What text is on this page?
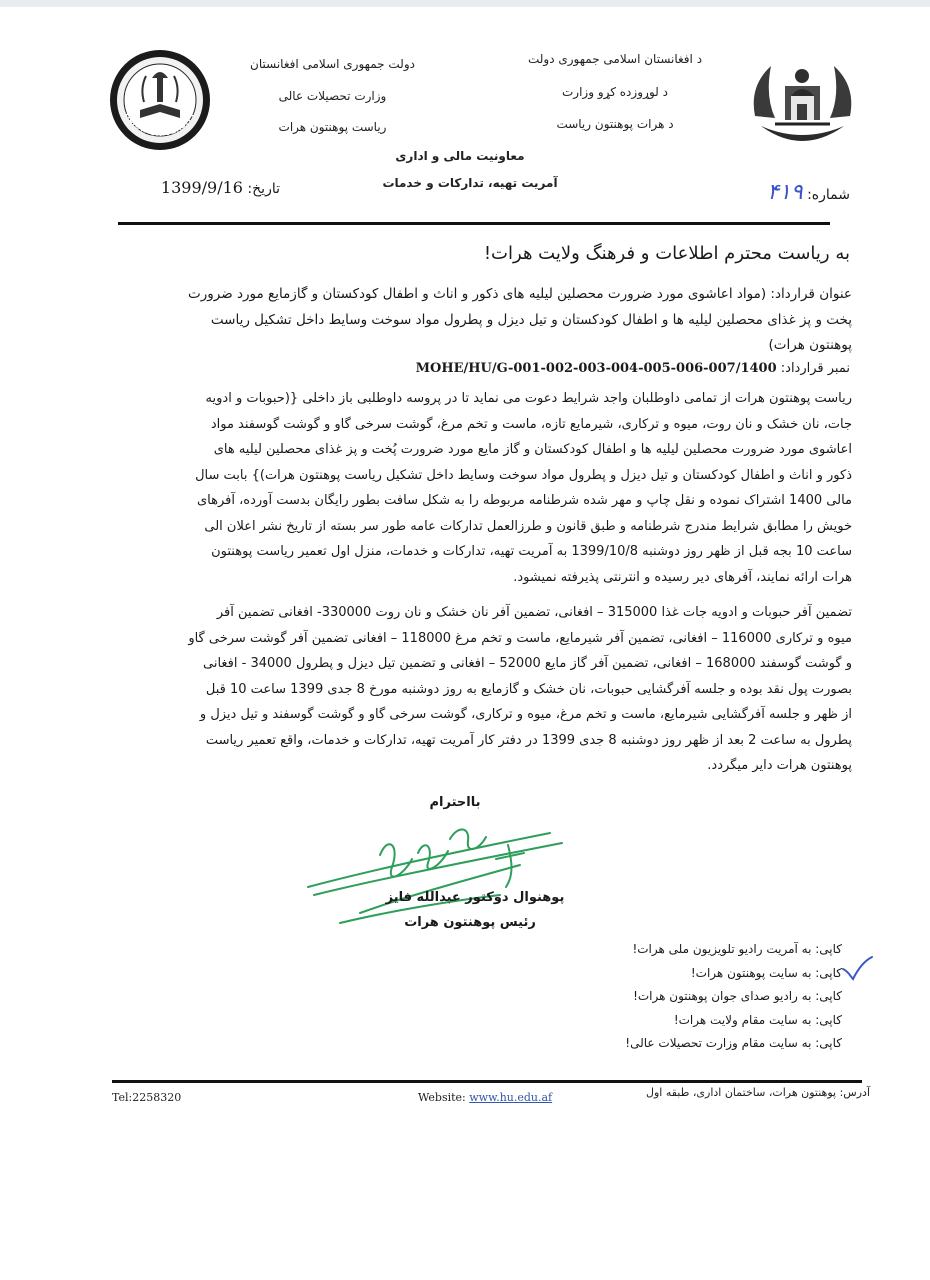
HERAT UNIVERSITY
د افغانستان اسلامی جمهوری دولت
د لوړوزده کړو وزارت
د هرات پوهنتون ریاست
دولت جمهوری اسلامی افغانستان
وزارت تحصیلات عالی
ریاست پوهنتون هرات
معاونیت مالی و اداری
آمریت تهیه، تدارکات و خدمات
شماره: ۴۱۹
تاریخ: 1399/9/16
به ریاست محترم اطلاعات و فرهنگ ولایت هرات!
عنوان قرارداد: (مواد اعاشوی مورد ضرورت محصلین لیلیه های ذکور و اناث و اطفال کودکستان و گازمایع مورد ضرورت
ُپخت و پز غذای محصلین لیلیه ها و اطفال کودکستان و تیل دیزل و پطرول مواد سوخت وسایط داخل تشکیل ریاست
پوهنتون هرات)
نمبر قرارداد: MOHE/HU/G-001-002-003-004-005-006-007/1400
ریاست پوهنتون هرات از تمامی داوطلبان واجد شرایط دعوت می نماید تا در پروسه داوطلبی باز داخلی {(حبوبات و ادویه
جات، نان خشک و نان روت، میوه و ترکاری، شیرمایع تازه، ماست و تخم مرغ، گوشت سرخی گاو و گوشت گوسفند مواد
اعاشوی مورد ضرورت محصلین لیلیه ها و اطفال کودکستان و گاز مایع مورد ضرورت پُخت و پز غذای محصلین لیلیه های
ذکور و اناث و اطفال کودکستان و تیل دیزل و پطرول مواد سوخت وسایط داخل تشکیل ریاست پوهنتون هرات)} بابت سال
مالی 1400 اشتراک نموده و نقل چاپ و مهر شده شرطنامه مربوطه را به شکل سافت بطور رایگان بدست آورده، آفرهای
خویش را مطابق شرایط مندرج شرطنامه و طبق قانون و طرزالعمل تدارکات عامه طور سر بسته از تاریخ نشر اعلان الی
ساعت 10 بجه قبل از ظهر روز دوشنبه 1399/10/8 به آمریت تهیه، تدارکات و خدمات، منزل اول تعمیر ریاست پوهنتون
هرات ارائه نمایند، آفرهای دیر رسیده و انترنتی پذیرفته نمیشود.
تضمین آفر حبوبات و ادویه جات غذا 315000 – افغانی، تضمین آفر نان خشک و نان روت 330000- افغانی تضمین آفر
میوه و ترکاری 116000 – افغانی، تضمین آفر شیرمایع، ماست و تخم مرغ 118000 – افغانی تضمین آفر گوشت سرخی گاو
و گوشت گوسفند 168000 – افغانی، تضمین آفر گاز مایع 52000 – افغانی و تضمین تیل دیزل و پطرول 34000 - افغانی
بصورت پول نقد بوده و جلسه آفرگشایی حبوبات، نان خشک و گازمایع به روز دوشنبه مورخ 8 جدی 1399 ساعت 10 قبل
از ظهر و جلسه آفرگشایی شیرمایع، ماست و تخم مرغ، میوه و ترکاری، گوشت سرخی گاو و گوشت گوسفند و تیل دیزل و
پطرول به ساعت 2 بعد از ظهر روز دوشنبه 8 جدی 1399 در دفتر کار آمریت تهیه، تدارکات و خدمات، واقع تعمیر ریاست
پوهنتون هرات دایر میگردد.
بااحترام
پوهنوال دوکتور عبدالله فایز
رئیس پوهنتون هرات
کاپی: به آمریت رادیو تلویزیون ملی هرات!
کاپی: به سایت پوهنتون هرات!
کاپی: به رادیو صدای جوان پوهنتون هرات!
کاپی: به سایت مقام ولایت هرات!
کاپی: به سایت مقام وزارت تحصیلات عالی!
آدرس: پوهنتون هرات، ساختمان اداری، طبقه اول
Website: www.hu.edu.af
Tel:2258320
